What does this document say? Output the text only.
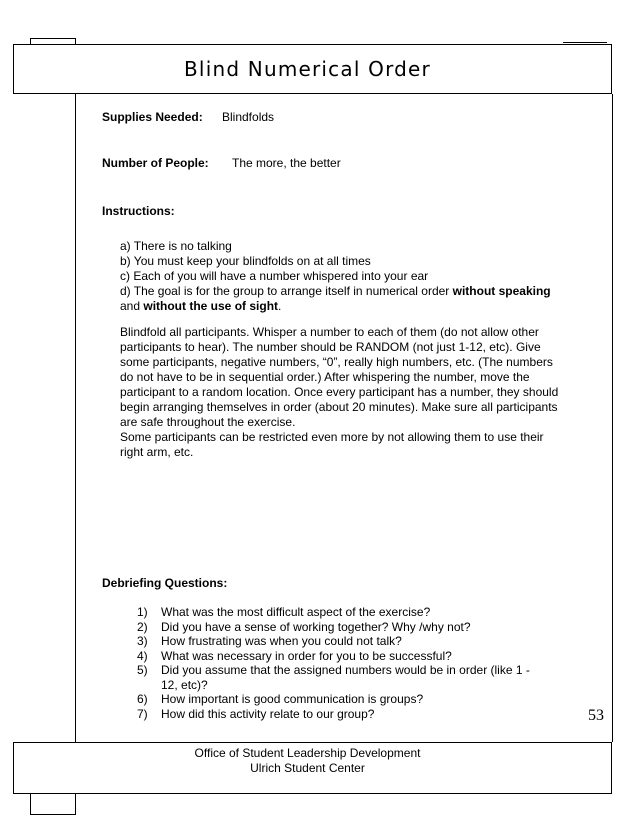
Blind Numerical Order
Supplies Needed: Blindfolds
Number of People: The more, the better
Instructions:

a) There is no talking

b) You must keep your blindfolds on at all times

c) Each of you will have a number whispered into your ear

d) The goal is for the group to arrange itself in numerical order without speaking

and without the use of sight.

Blindfold all participants. Whisper a number to each of them (do not allow other

participants to hear). The number should be RANDOM (not just 1-12, etc). Give

some participants, negative numbers, “0”, really high numbers, etc. (The numbers

do not have to be in sequential order.) After whispering the number, move the

participant to a random location. Once every participant has a number, they should

begin arranging themselves in order (about 20 minutes). Make sure all participants

are safe throughout the exercise.

Some participants can be restricted even more by not allowing them to use their

right arm, etc.

Debriefing Questions:
1)	What was the most difficult aspect of the exercise?
2)	Did you have a sense of working together? Why /why not?
3)	How frustrating was when you could not talk?
4)	What was necessary in order for you to be successful?
5)	Did you assume that the assigned numbers would be in order (like 1 -
12, etc)?
6)	How important is good communication is groups?
7)	How did this activity relate to our group?	53
Office of Student Leadership Development
Ulrich Student Center
